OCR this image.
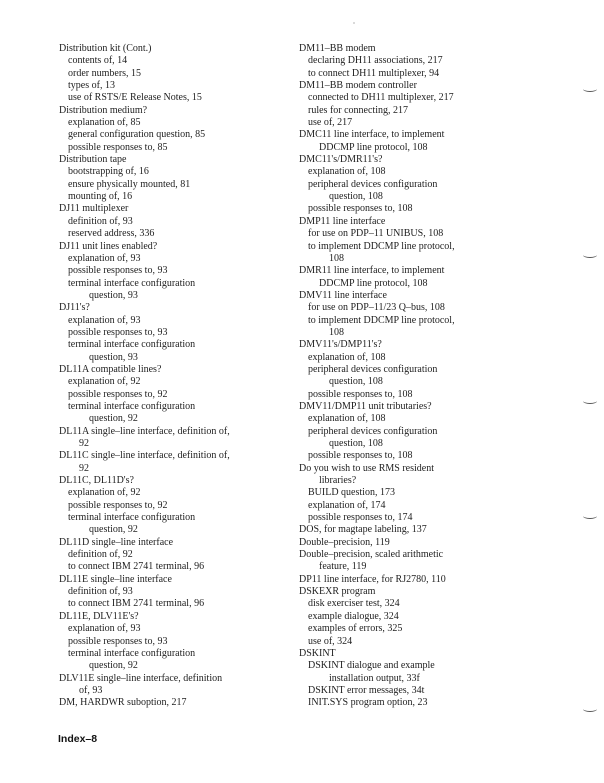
Distribution kit (Cont.)
contents of, 14
order numbers, 15
types of, 13
use of RSTS/E Release Notes, 15
Distribution medium?
explanation of, 85
general configuration question, 85
possible responses to, 85
Distribution tape
bootstrapping of, 16
ensure physically mounted, 81
mounting of, 16
DJ11 multiplexer
definition of, 93
reserved address, 336
DJ11 unit lines enabled?
explanation of, 93
possible responses to, 93
terminal interface configuration
question, 93
DJ11's?
explanation of, 93
possible responses to, 93
terminal interface configuration
question, 93
DL11A compatible lines?
explanation of, 92
possible responses to, 92
terminal interface configuration
question, 92
DL11A single–line interface, definition of,
92
DL11C single–line interface, definition of,
92
DL11C, DL11D's?
explanation of, 92
possible responses to, 92
terminal interface configuration
question, 92
DL11D single–line interface
definition of, 92
to connect IBM 2741 terminal, 96
DL11E single–line interface
definition of, 93
to connect IBM 2741 terminal, 96
DL11E, DLV11E's?
explanation of, 93
possible responses to, 93
terminal interface configuration
question, 92
DLV11E single–line interface, definition
of, 93
DM, HARDWR suboption, 217
DM11–BB modem
declaring DH11 associations, 217
to connect DH11 multiplexer, 94
DM11–BB modem controller
connected to DH11 multiplexer, 217
rules for connecting, 217
use of, 217
DMC11 line interface, to implement
DDCMP line protocol, 108
DMC11's/DMR11's?
explanation of, 108
peripheral devices configuration
question, 108
possible responses to, 108
DMP11 line interface
for use on PDP–11 UNIBUS, 108
to implement DDCMP line protocol,
108
DMR11 line interface, to implement
DDCMP line protocol, 108
DMV11 line interface
for use on PDP–11/23 Q–bus, 108
to implement DDCMP line protocol,
108
DMV11's/DMP11's?
explanation of, 108
peripheral devices configuration
question, 108
possible responses to, 108
DMV11/DMP11 unit tributaries?
explanation of, 108
peripheral devices configuration
question, 108
possible responses to, 108
Do you wish to use RMS resident
libraries?
BUILD question, 173
explanation of, 174
possible responses to, 174
DOS, for magtape labeling, 137
Double–precision, 119
Double–precision, scaled arithmetic
feature, 119
DP11 line interface, for RJ2780, 110
DSKEXR program
disk exerciser test, 324
example dialogue, 324
examples of errors, 325
use of, 324
DSKINT
DSKINT dialogue and example
installation output, 33f
DSKINT error messages, 34t
INIT.SYS program option, 23
Index–8
